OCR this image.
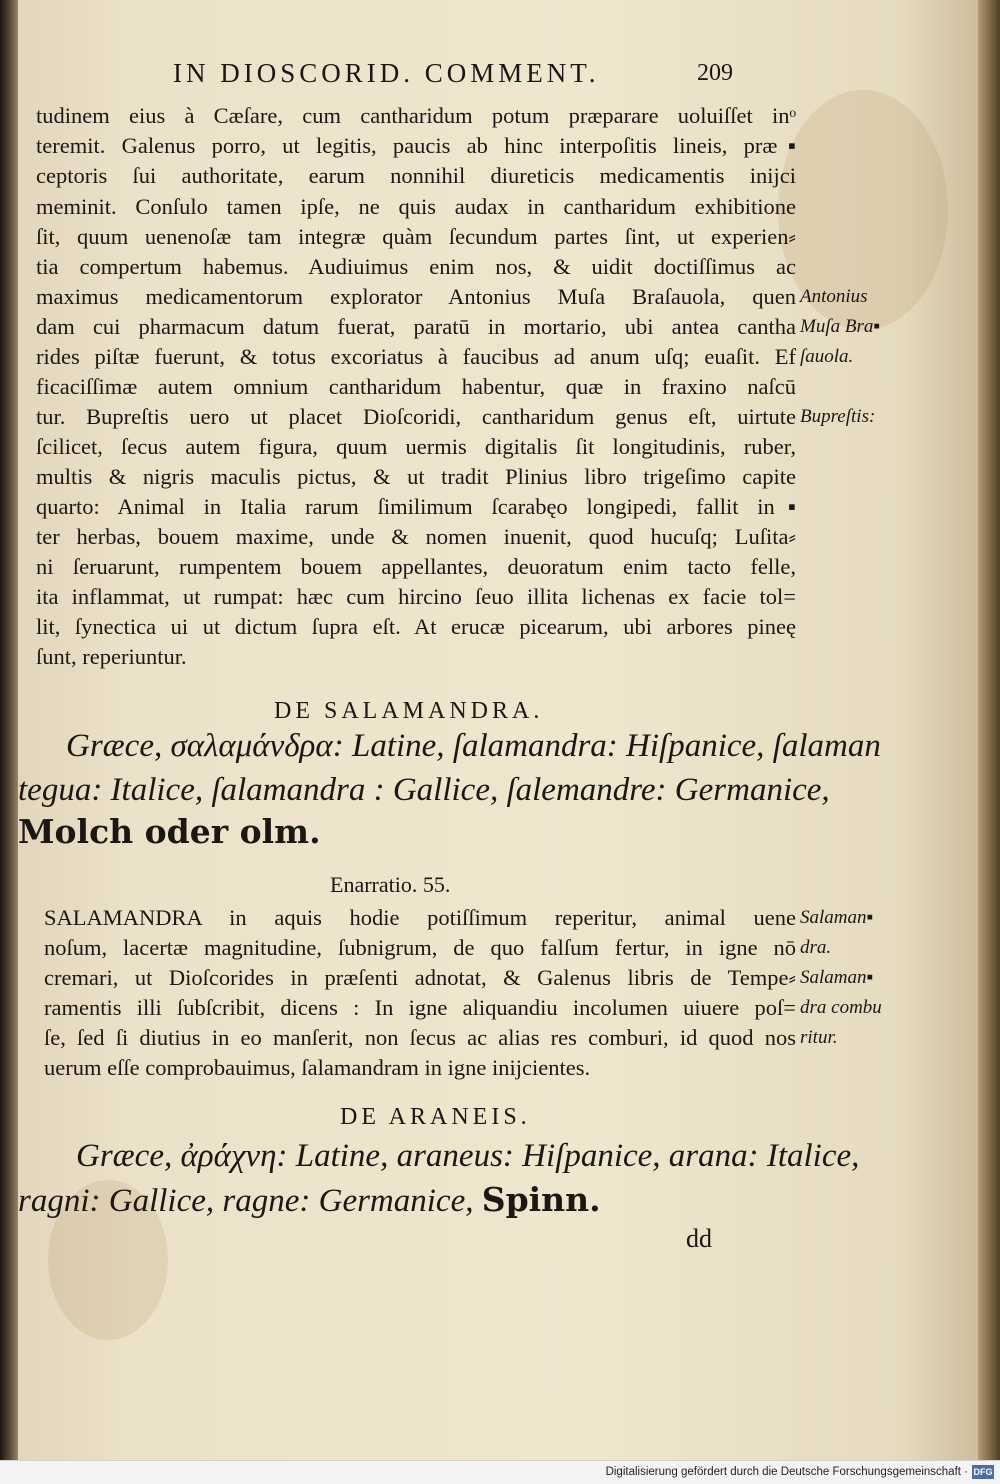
IN DIOSCORID. COMMENT.	209
tudinem eius à Cæſare, cum cantharidum potum præparare uoluiſſet inᵒ
teremit. Galenus porro, ut legitis, paucis ab hinc interpoſitis lineis, præ▪
ceptoris ſui authoritate, earum nonnihil diureticis medicamentis inijci
meminit. Conſulo tamen ipſe, ne quis audax in cantharidum exhibitione
ſit, quum uenenoſæ tam integræ quàm ſecundum partes ſint, ut experien⸗
tia compertum habemus. Audiuimus enim nos, & uidit doctiſſimus ac
maximus medicamentorum explorator Antonius Muſa Braſauola, quen
dam cui pharmacum datum fuerat, paratū in mortario, ubi antea cantha
rides piſtæ fuerunt, & totus excoriatus à faucibus ad anum uſq; euaſit. Ef
ficaciſſimæ autem omnium cantharidum habentur, quæ in fraxino naſcū
tur. Bupreſtis uero ut placet Dioſcoridi, cantharidum genus eſt, uirtute
ſcilicet, ſecus autem figura, quum uermis digitalis ſit longitudinis, ruber,
multis & nigris maculis pictus, & ut tradit Plinius libro trigeſimo capite
quarto: Animal in Italia rarum ſimilimum ſcarabęo longipedi, fallit in▪
ter herbas, bouem maxime, unde & nomen inuenit, quod hucuſq; Luſita⸗
ni ſeruarunt, rumpentem bouem appellantes, deuoratum enim tacto felle,
ita inflammat, ut rumpat: hæc cum hircino ſeuo illita lichenas ex facie tol=
lit, ſynectica ui ut dictum ſupra eſt. At erucæ picearum, ubi arbores pineę
ſunt, reperiuntur.
Antonius
Muſa Bra▪
ſauola.
Bupreſtis:
DE SALAMANDRA.
Græce, σαλαμάνδρα: Latine, ſalamandra: Hiſpanice, ſalaman
tegua: Italice, ſalamandra : Gallice, ſalemandre: Germanice,
Molch oder olm.
Enarratio. 55.
SALAMANDRA in aquis hodie potiſſimum reperitur, animal uene
noſum, lacertæ magnitudine, ſubnigrum, de quo falſum fertur, in igne nō
cremari, ut Dioſcorides in præſenti adnotat, & Galenus libris de Tempe⸗
ramentis illi ſubſcribit, dicens : In igne aliquandiu incolumen uiuere poſ=
ſe, ſed ſi diutius in eo manſerit, non ſecus ac alias res comburi, id quod nos
uerum eſſe comprobauimus, ſalamandram in igne inijcientes.
Salaman▪
dra.
Salaman▪
dra combu
ritur.
DE ARANEIS.
Græce, ἀράχνη: Latine, araneus: Hiſpanice, arana: Italice,
ragni: Gallice, ragne: Germanice, Spinn.
dd
Digitalisierung gefördert durch die Deutsche Forschungsgemeinschaft · DFG
